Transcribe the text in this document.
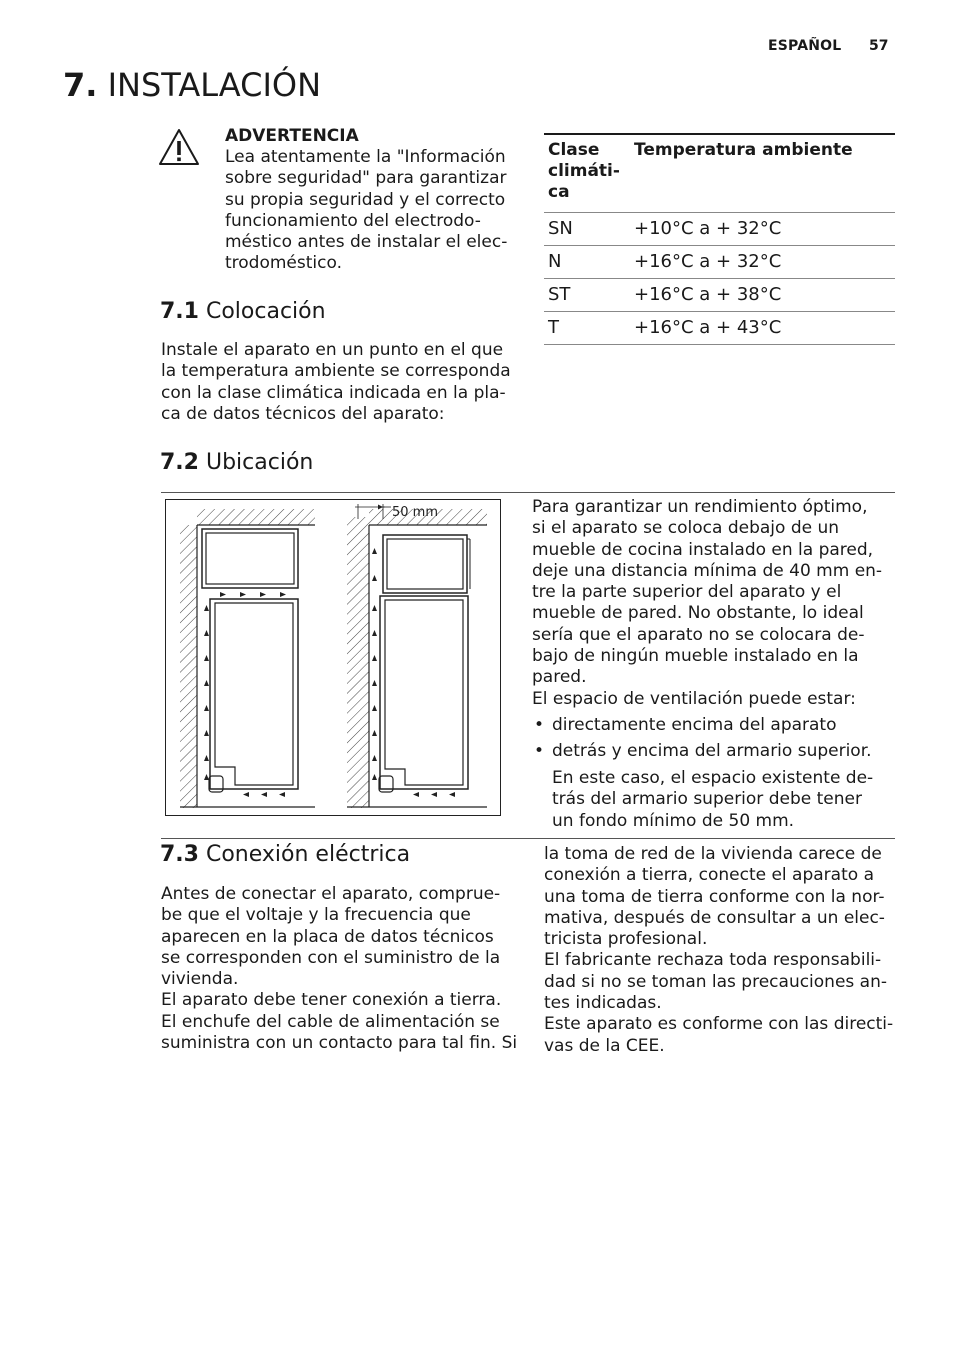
ESPAÑOL 57
7. INSTALACIÓN
ADVERTENCIA
Lea atentamente la "Información
sobre seguridad" para garantizar
su propia seguridad y el correcto
funcionamiento del electrodo-
méstico antes de instalar el elec-
trodoméstico.
Clase
climáti-
ca	Temperatura ambiente
SN	+10°C a + 32°C
N	+16°C a + 32°C
ST	+16°C a + 38°C
T	+16°C a + 43°C
7.1 Colocación
Instale el aparato en un punto en el que
la temperatura ambiente se corresponda
con la clase climática indicada en la pla-
ca de datos técnicos del aparato:
7.2 Ubicación
50 mm	Para garantizar un rendimiento óptimo,
si el aparato se coloca debajo de un
mueble de cocina instalado en la pared,
deje una distancia mínima de 40 mm en-
tre la parte superior del aparato y el
mueble de pared. No obstante, lo ideal
sería que el aparato no se colocara de-
bajo de ningún mueble instalado en la
pared.
El espacio de ventilación puede estar:
• directamente encima del aparato
• detrás y encima del armario superior.
En este caso, el espacio existente de-
trás del armario superior debe tener
un fondo mínimo de 50 mm.
7.3 Conexión eléctrica
Antes de conectar el aparato, comprue-
be que el voltaje y la frecuencia que
aparecen en la placa de datos técnicos
se corresponden con el suministro de la
vivienda.
El aparato debe tener conexión a tierra.
El enchufe del cable de alimentación se
suministra con un contacto para tal fin. Si
la toma de red de la vivienda carece de
conexión a tierra, conecte el aparato a
una toma de tierra conforme con la nor-
mativa, después de consultar a un elec-
tricista profesional.
El fabricante rechaza toda responsabili-
dad si no se toman las precauciones an-
tes indicadas.
Este aparato es conforme con las directi-
vas de la CEE.
